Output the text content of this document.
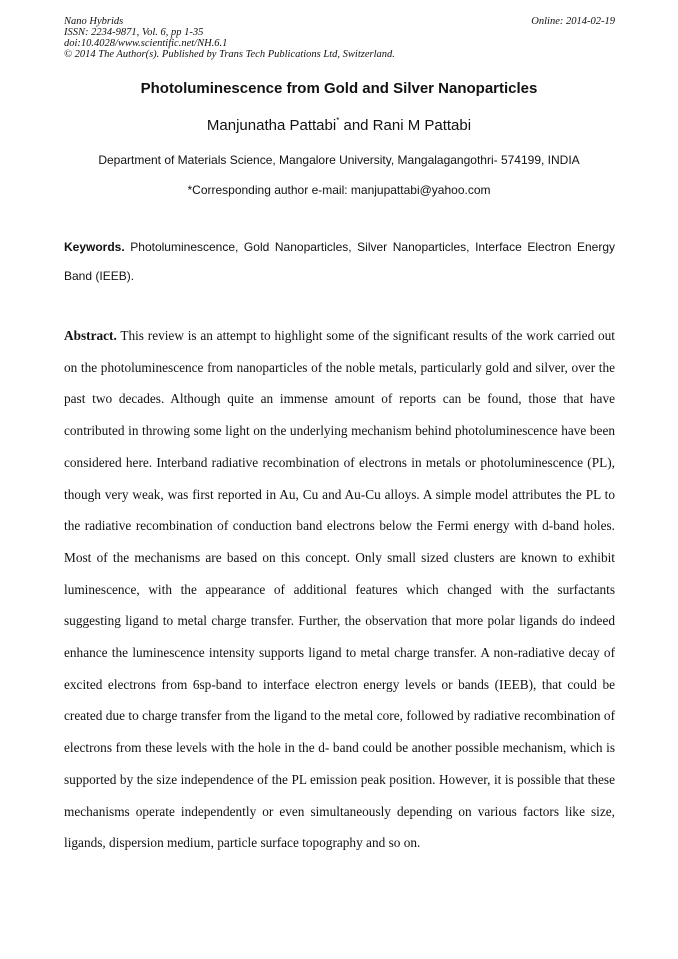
Nano Hybrids
ISSN: 2234-9871, Vol. 6, pp 1-35
doi:10.4028/www.scientific.net/NH.6.1
© 2014 The Author(s). Published by Trans Tech Publications Ltd, Switzerland.
Online: 2014-02-19
Photoluminescence from Gold and Silver Nanoparticles
Manjunatha Pattabi* and Rani M Pattabi
Department of Materials Science, Mangalore University, Mangalagangothri- 574199, INDIA
*Corresponding author e-mail: manjupattabi@yahoo.com
Keywords. Photoluminescence, Gold Nanoparticles, Silver Nanoparticles, Interface Electron Energy Band (IEEB).
Abstract. This review is an attempt to highlight some of the significant results of the work carried out on the photoluminescence from nanoparticles of the noble metals, particularly gold and silver, over the past two decades. Although quite an immense amount of reports can be found, those that have contributed in throwing some light on the underlying mechanism behind photoluminescence have been considered here. Interband radiative recombination of electrons in metals or photoluminescence (PL), though very weak, was first reported in Au, Cu and Au-Cu alloys. A simple model attributes the PL to the radiative recombination of conduction band electrons below the Fermi energy with d-band holes. Most of the mechanisms are based on this concept. Only small sized clusters are known to exhibit luminescence, with the appearance of additional features which changed with the surfactants suggesting ligand to metal charge transfer. Further, the observation that more polar ligands do indeed enhance the luminescence intensity supports ligand to metal charge transfer. A non-radiative decay of excited electrons from 6sp-band to interface electron energy levels or bands (IEEB), that could be created due to charge transfer from the ligand to the metal core, followed by radiative recombination of electrons from these levels with the hole in the d- band could be another possible mechanism, which is supported by the size independence of the PL emission peak position. However, it is possible that these mechanisms operate independently or even simultaneously depending on various factors like size, ligands, dispersion medium, particle surface topography and so on.
